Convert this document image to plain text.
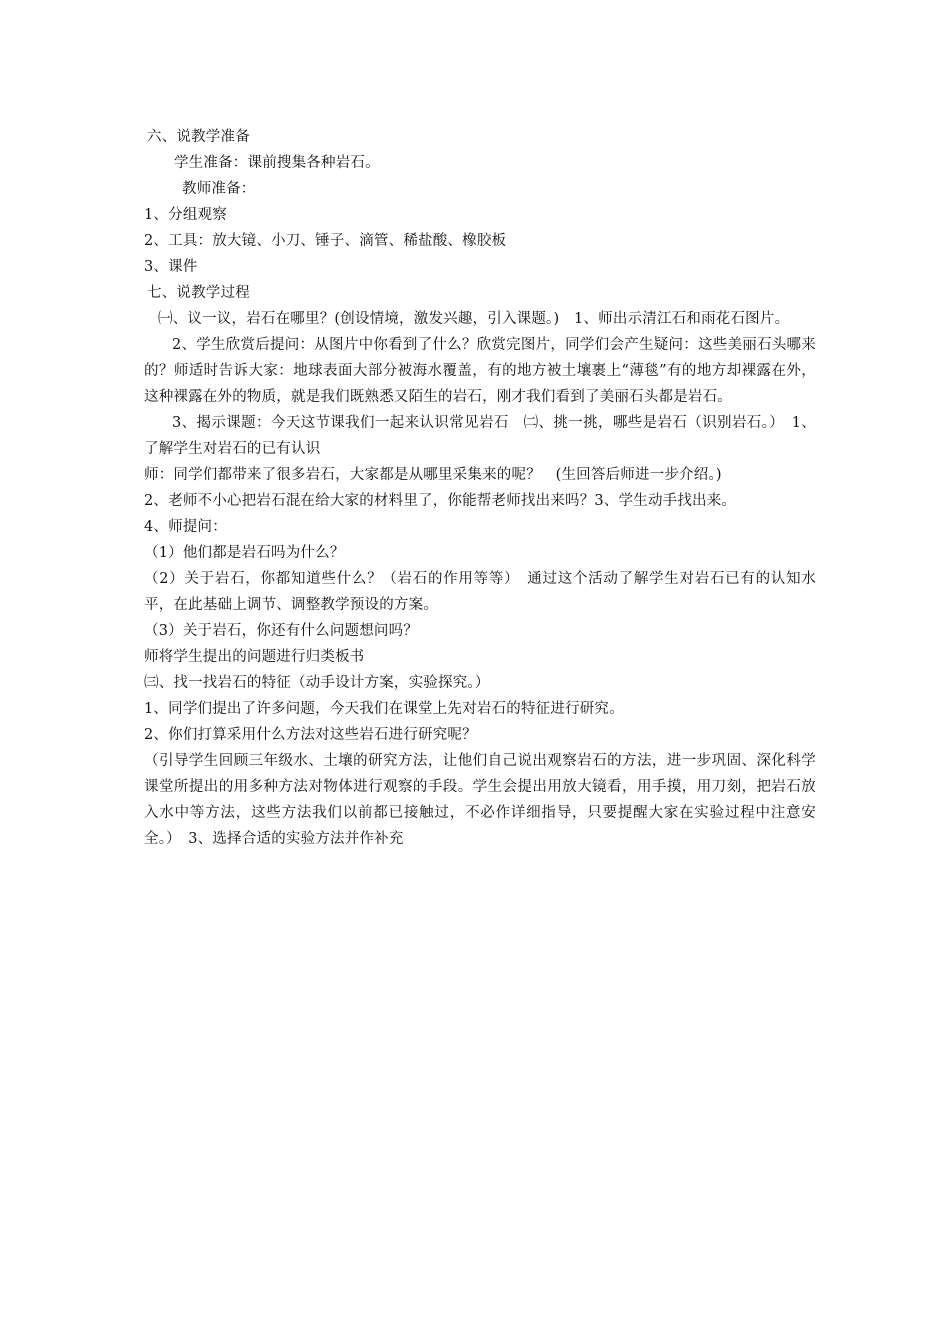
六、说教学准备

学生准备：课前搜集各种岩石。

教师准备：

1、分组观察

2、工具：放大镜、小刀、锤子、滴管、稀盐酸、橡胶板

3、课件

七、说教学过程

㈠、议一议，岩石在哪里？(创设情境，激发兴趣，引入课题。)　1、师出示清江石和雨花石图片。

2、学生欣赏后提问：从图片中你看到了什么？欣赏完图片，同学们会产生疑问：这些美丽石头哪来的？师适时告诉大家：地球表面大部分被海水覆盖，有的地方被土壤裹上“薄毯”有的地方却裸露在外，这种裸露在外的物质，就是我们既熟悉又陌生的岩石，刚才我们看到了美丽石头都是岩石。

3、揭示课题：今天这节课我们一起来认识常见岩石　㈡、挑一挑，哪些是岩石（识别岩石。）　1、了解学生对岩石的已有认识

师：同学们都带来了很多岩石，大家都是从哪里采集来的呢？　(生回答后师进一步介绍。)

2、老师不小心把岩石混在给大家的材料里了，你能帮老师找出来吗？3、学生动手找出来。

4、师提问：

（1）他们都是岩石吗为什么？

（2）关于岩石，你都知道些什么？（岩石的作用等等）　通过这个活动了解学生对岩石已有的认知水平，在此基础上调节、调整教学预设的方案。

（3）关于岩石，你还有什么问题想问吗？

师将学生提出的问题进行归类板书

㈢、找一找岩石的特征（动手设计方案，实验探究。）

1、同学们提出了许多问题，今天我们在课堂上先对岩石的特征进行研究。

2、你们打算采用什么方法对这些岩石进行研究呢？

（引导学生回顾三年级水、土壤的研究方法，让他们自己说出观察岩石的方法，进一步巩固、深化科学课堂所提出的用多种方法对物体进行观察的手段。学生会提出用放大镜看，用手摸，用刀刻，把岩石放入水中等方法，这些方法我们以前都已接触过，不必作详细指导，只要提醒大家在实验过程中注意安全。）　3、选择合适的实验方法并作补充
